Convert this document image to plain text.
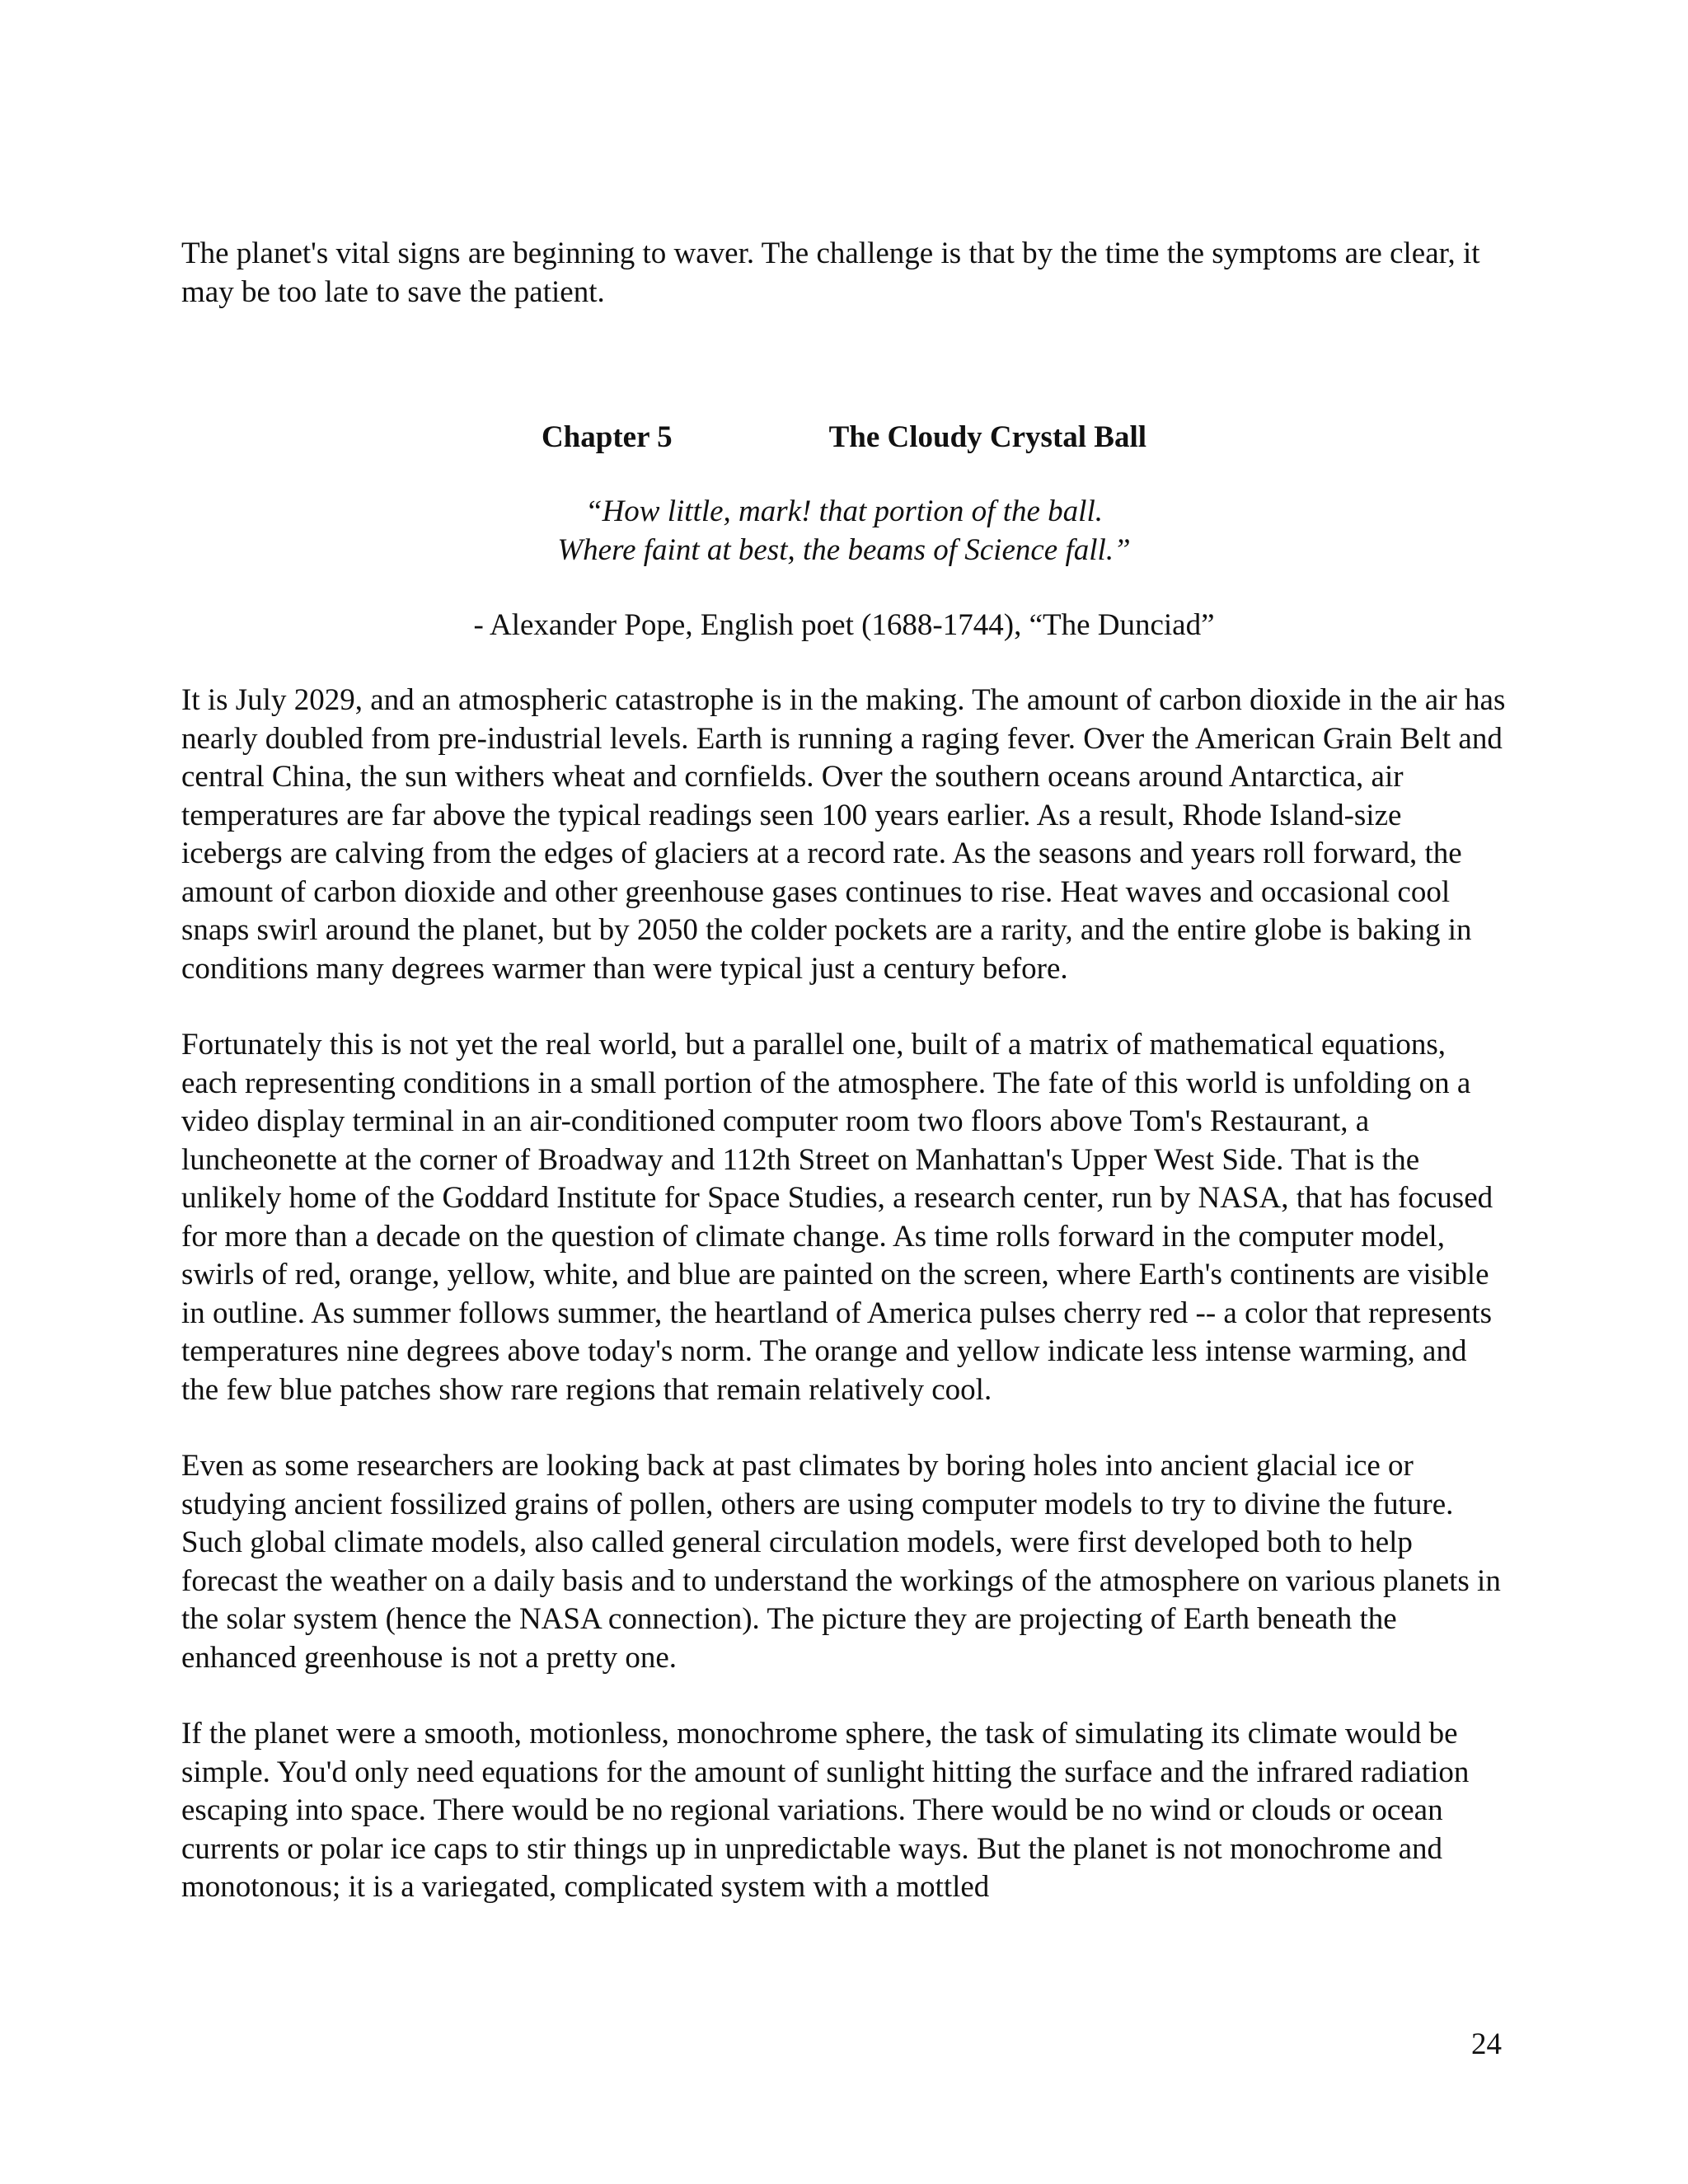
The planet's vital signs are beginning to waver. The challenge is that by the time the symptoms are clear, it may be too late to save the patient.

Chapter 5	The Cloudy Crystal Ball
“How little, mark! that portion of the ball.
Where faint at best, the beams of Science fall.”
- Alexander Pope, English poet (1688-1744), “The Dunciad”

It is July 2029, and an atmospheric catastrophe is in the making. The amount of carbon dioxide in the air has nearly doubled from pre-industrial levels. Earth is running a raging fever. Over the American Grain Belt and central China, the sun withers wheat and cornfields. Over the southern oceans around Antarctica, air temperatures are far above the typical readings seen 100 years earlier. As a result, Rhode Island-size icebergs are calving from the edges of glaciers at a record rate. As the seasons and years roll forward, the amount of carbon dioxide and other greenhouse gases continues to rise. Heat waves and occasional cool snaps swirl around the planet, but by 2050 the colder pockets are a rarity, and the entire globe is baking in conditions many degrees warmer than were typical just a century before.

Fortunately this is not yet the real world, but a parallel one, built of a matrix of mathematical equations, each representing conditions in a small portion of the atmosphere. The fate of this world is unfolding on a video display terminal in an air-conditioned computer room two floors above Tom's Restaurant, a luncheonette at the corner of Broadway and 112th Street on Manhattan's Upper West Side. That is the unlikely home of the Goddard Institute for Space Studies, a research center, run by NASA, that has focused for more than a decade on the question of climate change. As time rolls forward in the computer model, swirls of red, orange, yellow, white, and blue are painted on the screen, where Earth's continents are visible in outline. As summer follows summer, the heartland of America pulses cherry red -- a color that represents temperatures nine degrees above today's norm. The orange and yellow indicate less intense warming, and the few blue patches show rare regions that remain relatively cool.

Even as some researchers are looking back at past climates by boring holes into ancient glacial ice or studying ancient fossilized grains of pollen, others are using computer models to try to divine the future. Such global climate models, also called general circulation models, were first developed both to help forecast the weather on a daily basis and to understand the workings of the atmosphere on various planets in the solar system (hence the NASA connection). The picture they are projecting of Earth beneath the enhanced greenhouse is not a pretty one.

If the planet were a smooth, motionless, monochrome sphere, the task of simulating its climate would be simple. You'd only need equations for the amount of sunlight hitting the surface and the infrared radiation escaping into space. There would be no regional variations. There would be no wind or clouds or ocean currents or polar ice caps to stir things up in unpredictable ways. But the planet is not monochrome and monotonous; it is a variegated, complicated system with a mottled

24
